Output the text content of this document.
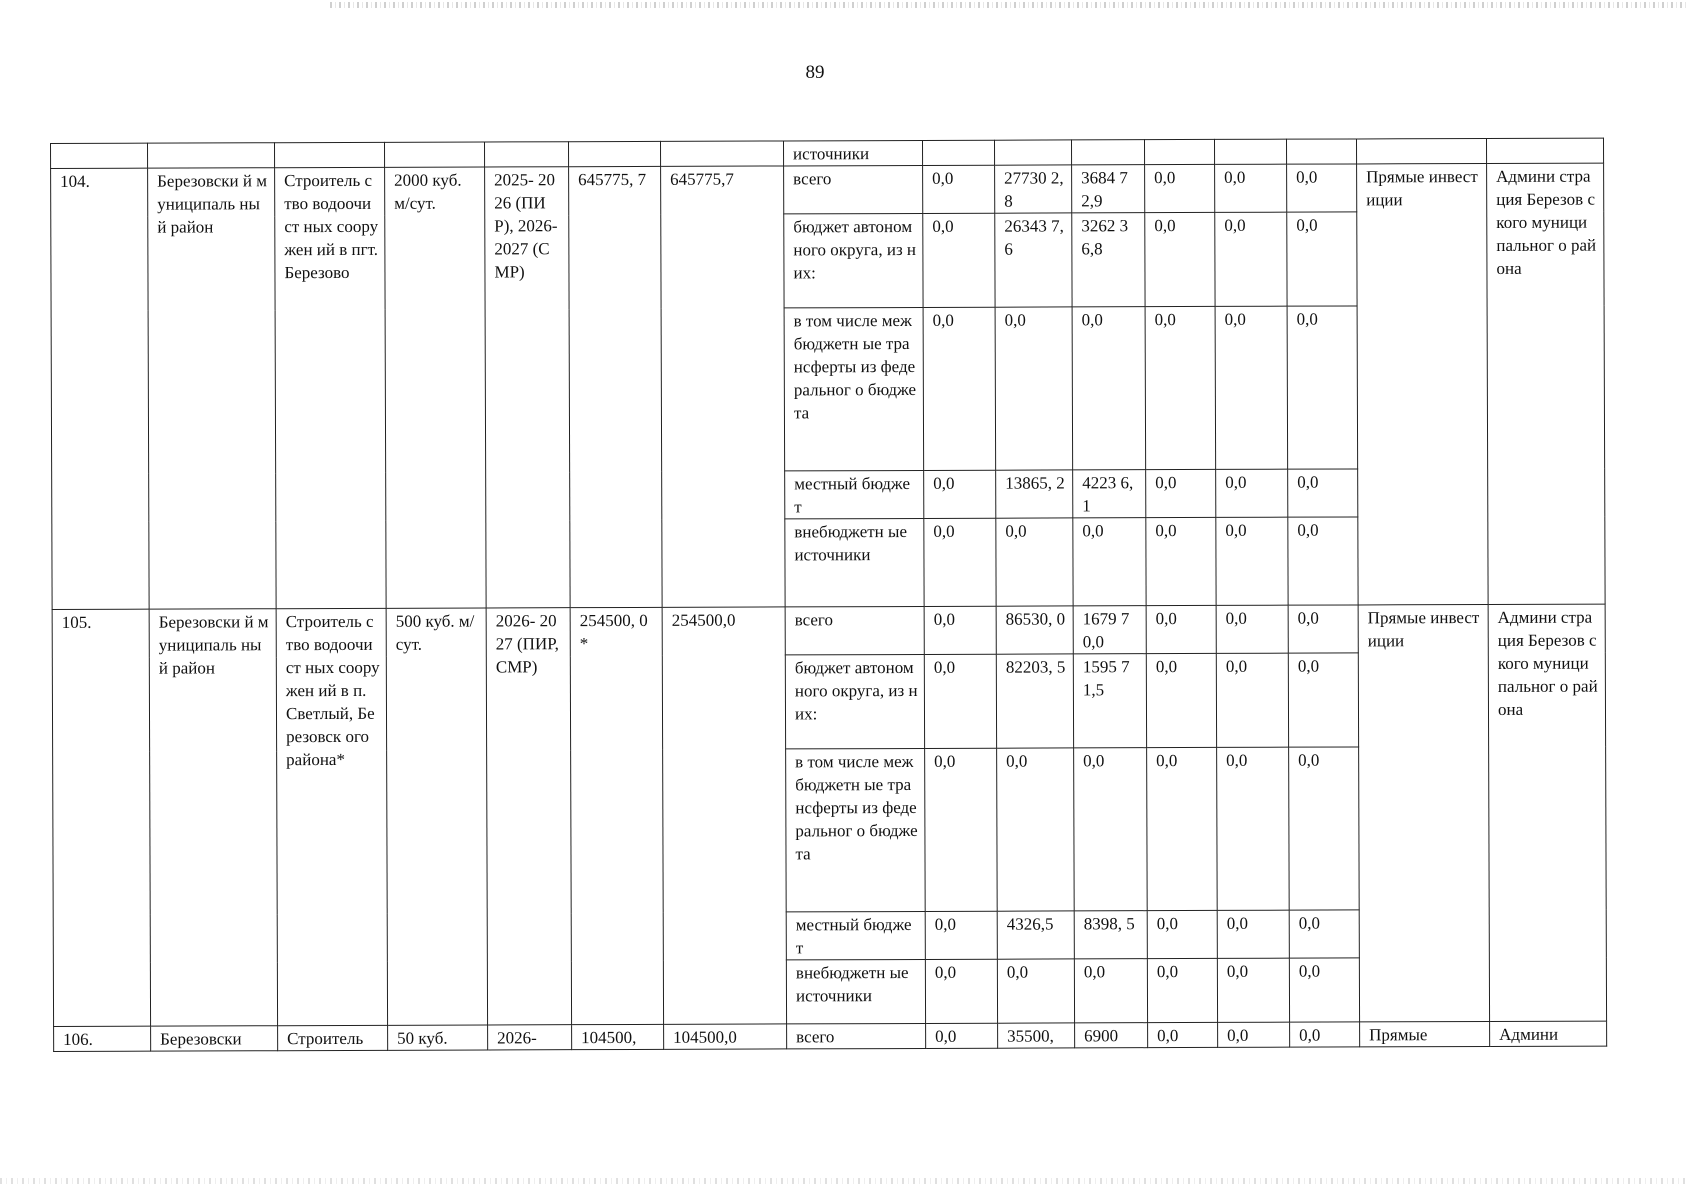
89
							источники								
104.	Березовски й муниципаль ный район	Строитель ство водоочист ных сооружен ий в пгт. Березово	2000 куб. м/сут.	2025- 2026 (ПИР), 2026- 2027 (СМР)	645775, 7	645775,7	всего	0,0	27730 2,8	3684 72,9	0,0	0,0	0,0	Прямые инвестиции	Админи страция Березов ского муници пальног о района
							бюджет автономного округа, из них:	0,0	26343 7,6	3262 36,8	0,0	0,0	0,0		
							в том числе межбюджетн ые трансферты из федеральног о бюджета	0,0	0,0	0,0	0,0	0,0	0,0		
							местный бюджет	0,0	13865, 2	4223 6,1	0,0	0,0	0,0		
							внебюджетн ые источники	0,0	0,0	0,0	0,0	0,0	0,0		
105.	Березовски й муниципаль ный район	Строитель ство водоочист ных сооружен ий в п. Светлый, Березовск ого района*	500 куб. м/сут.	2026- 2027 (ПИР, СМР)	254500, 0*	254500,0	всего	0,0	86530, 0	1679 70,0	0,0	0,0	0,0	Прямые инвестиции	Админи страция Березов ского муници пальног о района
							бюджет автономного округа, из них:	0,0	82203, 5	1595 71,5	0,0	0,0	0,0		
							в том числе межбюджетн ые трансферты из федеральног о бюджета	0,0	0,0	0,0	0,0	0,0	0,0		
							местный бюджет	0,0	4326,5	8398, 5	0,0	0,0	0,0		
							внебюджетн ые источники	0,0	0,0	0,0	0,0	0,0	0,0		
106.	Березовски	Строитель	50 куб.	2026-	104500,	104500,0	всего	0,0	35500,	6900	0,0	0,0	0,0	Прямые	Админи
